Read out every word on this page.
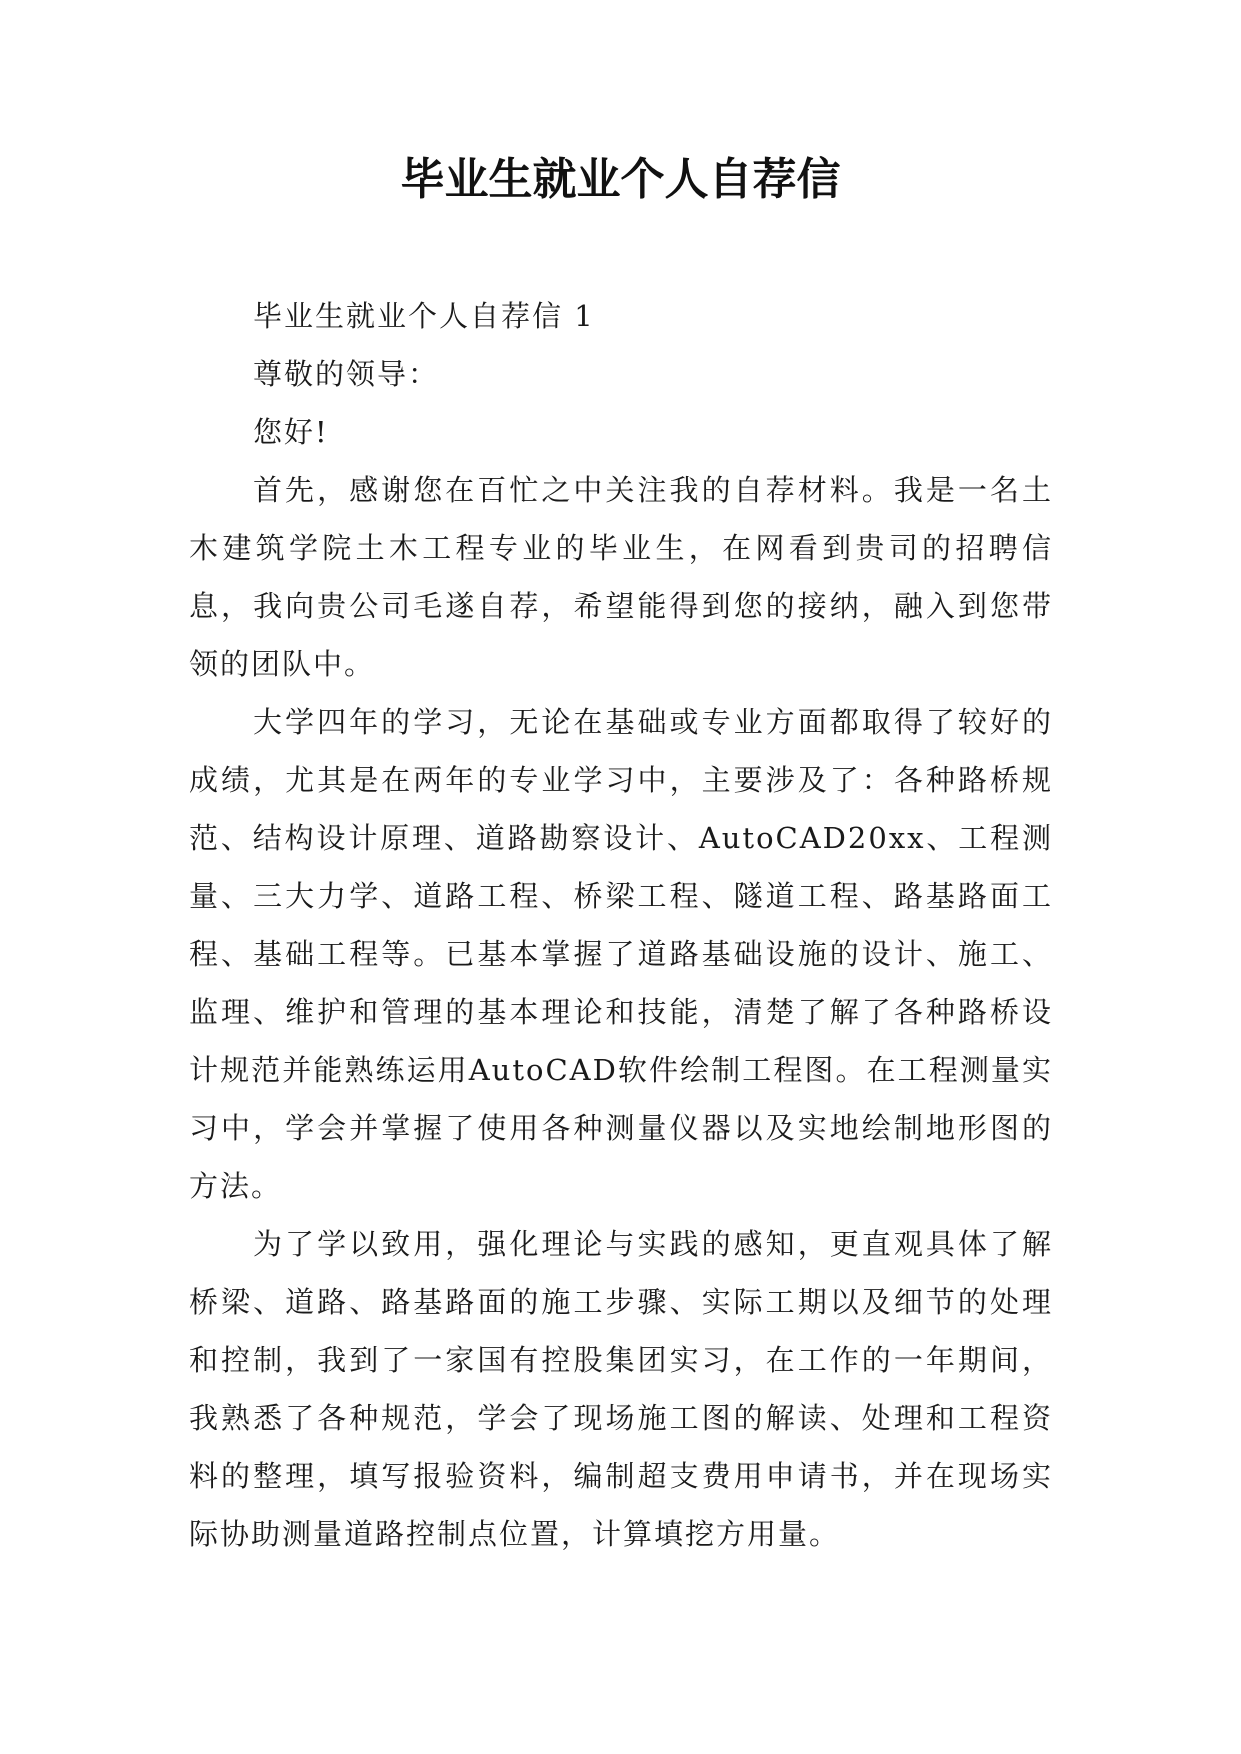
毕业生就业个人自荐信

毕业生就业个人自荐信 1

尊敬的领导：

您好!

首先，感谢您在百忙之中关注我的自荐材料。我是一名土木建筑学院土木工程专业的毕业生，在网看到贵司的招聘信息，我向贵公司毛遂自荐，希望能得到您的接纳，融入到您带领的团队中。

大学四年的学习，无论在基础或专业方面都取得了较好的成绩，尤其是在两年的专业学习中，主要涉及了：各种路桥规范、结构设计原理、道路勘察设计、AutoCAD20xx、工程测量、三大力学、道路工程、桥梁工程、隧道工程、路基路面工程、基础工程等。已基本掌握了道路基础设施的设计、施工、监理、维护和管理的基本理论和技能，清楚了解了各种路桥设计规范并能熟练运用AutoCAD软件绘制工程图。在工程测量实习中，学会并掌握了使用各种测量仪器以及实地绘制地形图的方法。

为了学以致用，强化理论与实践的感知，更直观具体了解桥梁、道路、路基路面的施工步骤、实际工期以及细节的处理和控制，我到了一家国有控股集团实习，在工作的一年期间，我熟悉了各种规范，学会了现场施工图的解读、处理和工程资料的整理，填写报验资料，编制超支费用申请书，并在现场实际协助测量道路控制点位置，计算填挖方用量。
